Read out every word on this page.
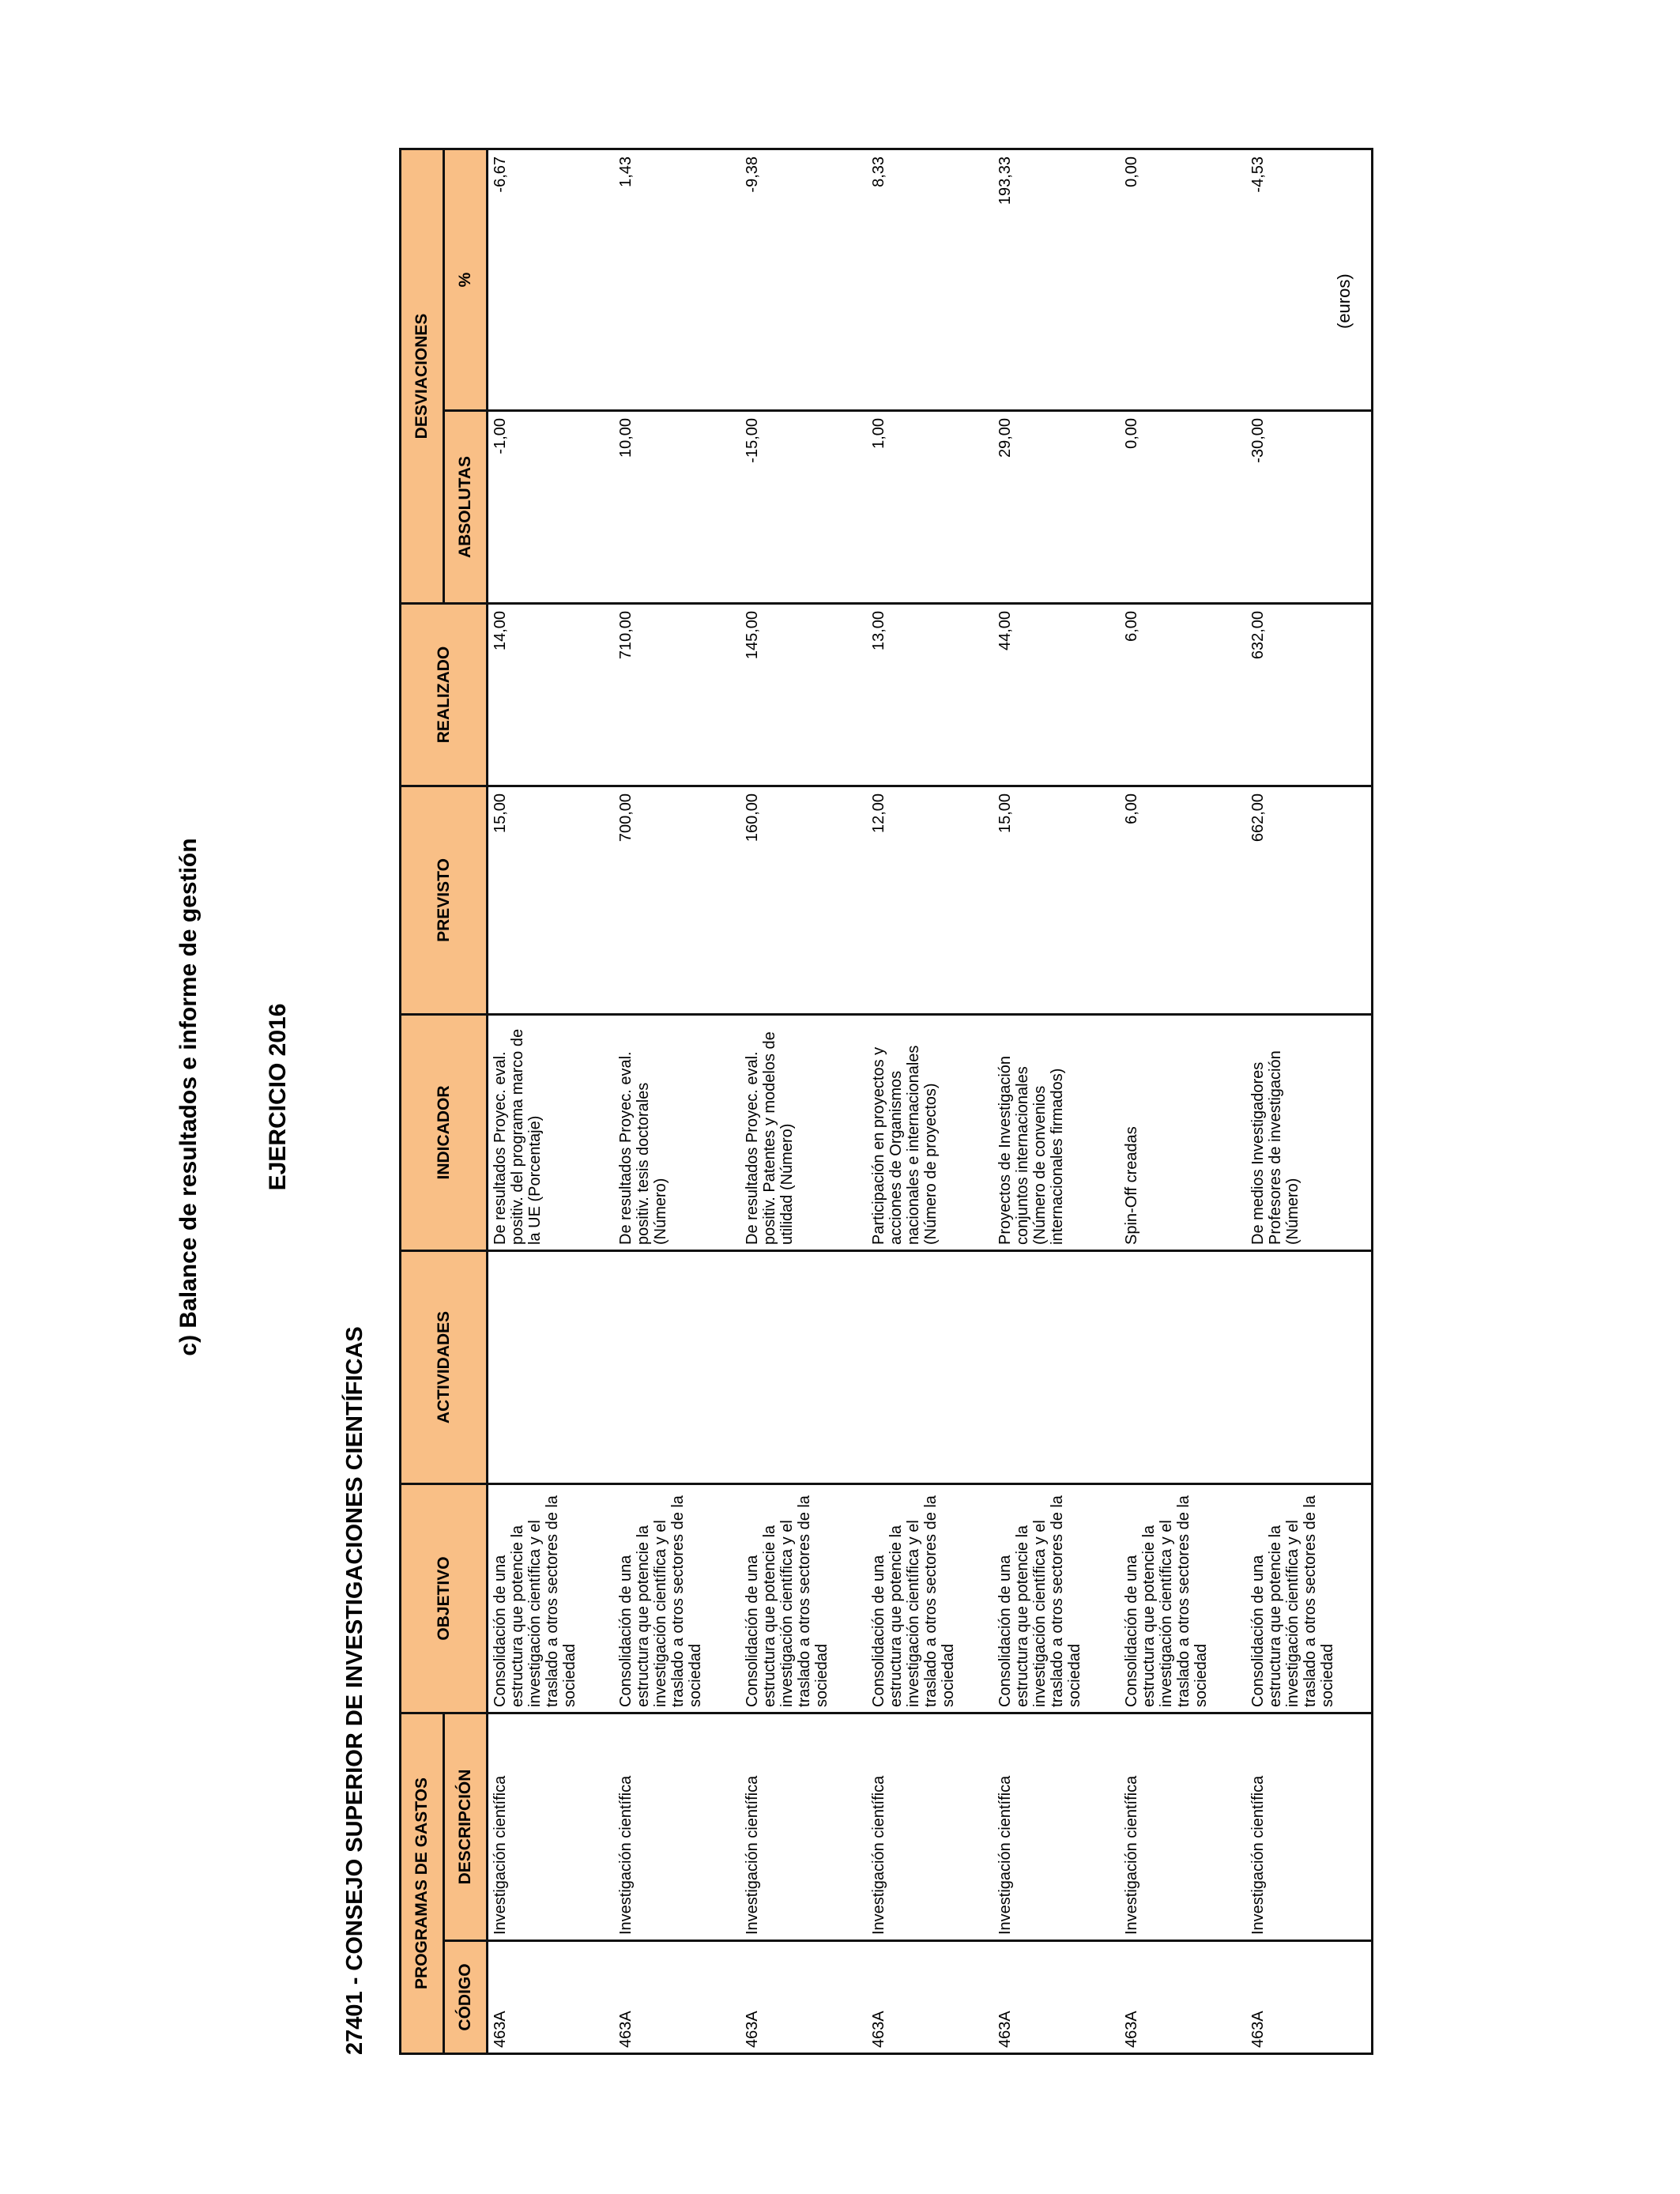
c) Balance de resultados e informe de gestión	EJERCICIO 2016
27401 - CONSEJO SUPERIOR DE INVESTIGACIONES CIENTÍFICAS	PROGRAMAS DE GASTOS		OBJETIVO	ACTIVIDADES	INDICADOR	PREVISTO	REALIZADO	DESVIACIONES	
CÓDIGO	DESCRIPCIÓN						ABSOLUTAS	%

463A	Investigación científica	Consolidación de una estructura que potencie la investigación científica y el traslado a otros sectores de la sociedad		De resultados Proyec. eval. positiv. del programa marco de la UE (Porcentaje)	15,00	14,00	-1,00	-6,67

463A	Investigación científica	Consolidación de una estructura que potencie la investigación científica y el traslado a otros sectores de la sociedad		De resultados Proyec. eval. positiv. tesis doctorales (Número)	700,00	710,00	10,00	1,43

463A	Investigación científica	Consolidación de una estructura que potencie la investigación científica y el traslado a otros sectores de la sociedad		De resultados Proyec. eval. positiv. Patentes y modelos de utilidad (Número)	160,00	145,00	-15,00	-9,38

463A	Investigación científica	Consolidación de una estructura que potencie la investigación científica y el traslado a otros sectores de la sociedad		Participación en proyectos y acciones de Organismos nacionales e internacionales (Número de proyectos)	12,00	13,00	1,00	8,33

463A	Investigación científica	Consolidación de una estructura que potencie la investigación científica y el traslado a otros sectores de la sociedad		Proyectos de Investigación conjuntos internacionales (Número de convenios internacionales firmados)	15,00	44,00	29,00	193,33

463A	Investigación científica	Consolidación de una estructura que potencie la investigación científica y el traslado a otros sectores de la sociedad		Spin-Off creadas	6,00	6,00	0,00	0,00

463A	Investigación científica	Consolidación de una estructura que potencie la investigación científica y el traslado a otros sectores de la sociedad		De medios Investigadores Profesores de investigación (Número)	662,00	632,00	-30,00	-4,53
(euros)
